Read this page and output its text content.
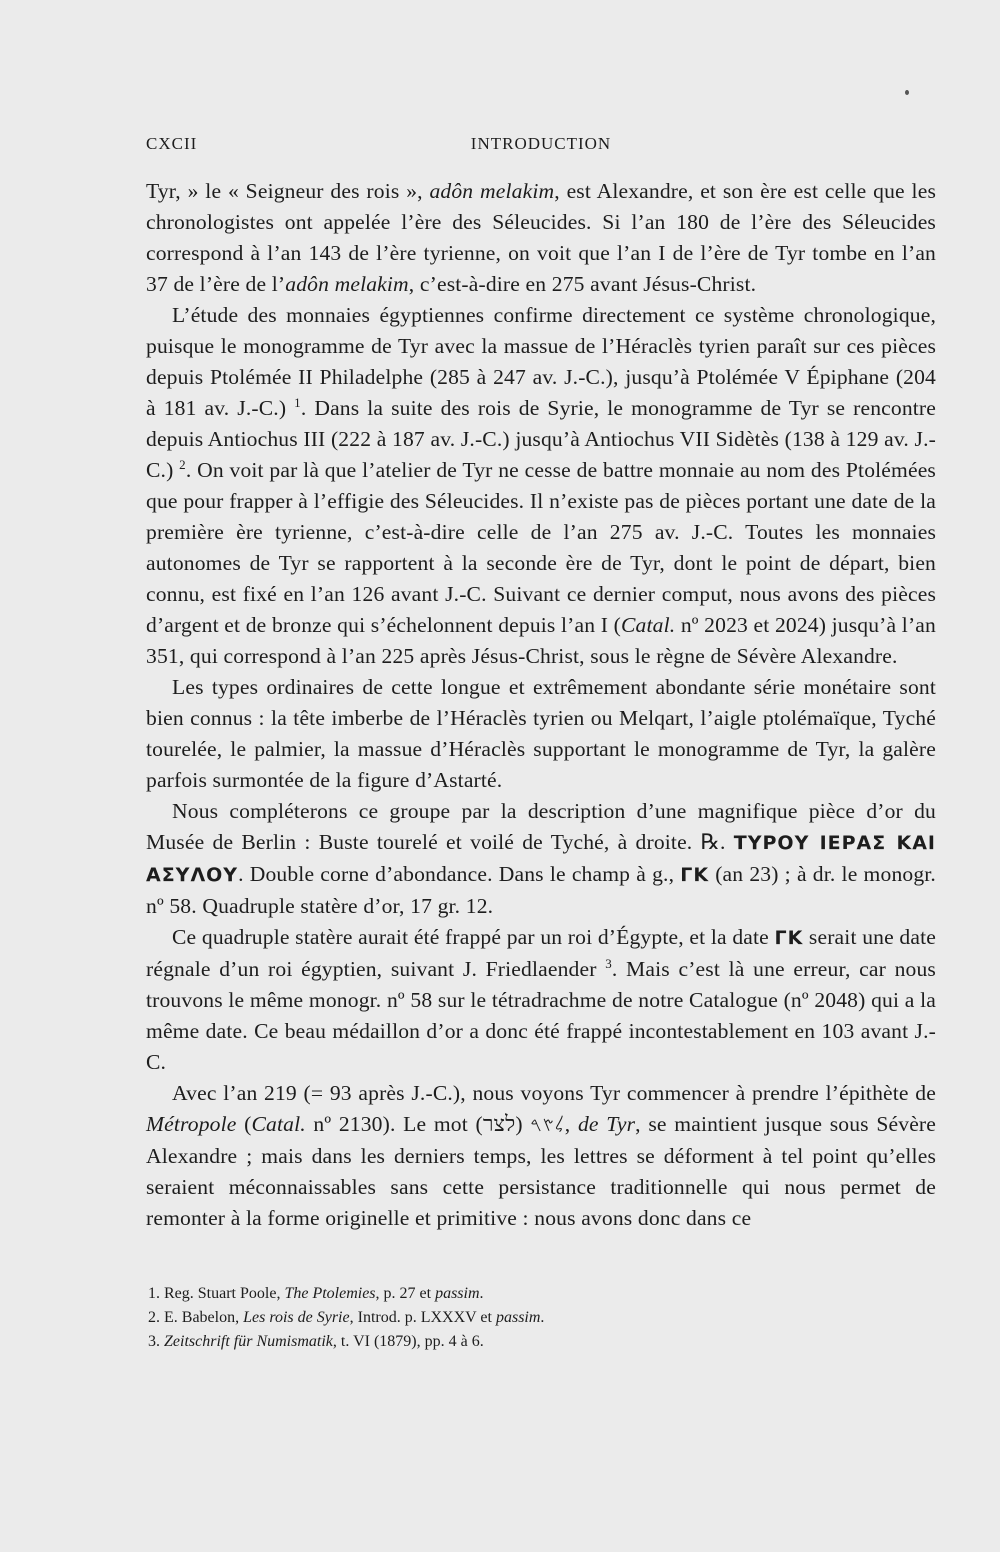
CXCII	INTRODUCTION

Tyr, » le « Seigneur des rois », adôn melakim, est Alexandre, et son ère est celle que les chronologistes ont appelée l’ère des Séleucides. Si l’an 180 de l’ère des Séleucides correspond à l’an 143 de l’ère tyrienne, on voit que l’an I de l’ère de Tyr tombe en l’an 37 de l’ère de l’adôn melakim, c’est-à-dire en 275 avant Jésus-Christ.

L’étude des monnaies égyptiennes confirme directement ce système chronologique, puisque le monogramme de Tyr avec la massue de l’Héraclès tyrien paraît sur ces pièces depuis Ptolémée II Philadelphe (285 à 247 av. J.-C.), jusqu’à Ptolémée V Épiphane (204 à 181 av. J.-C.) $^1$. Dans la suite des rois de Syrie, le monogramme de Tyr se rencontre depuis Antiochus III (222 à 187 av. J.-C.) jusqu’à Antiochus VII Sidètès (138 à 129 av. J.-C.) $^2$. On voit par là que l’atelier de Tyr ne cesse de battre monnaie au nom des Ptolémées que pour frapper à l’effigie des Séleucides. Il n’existe pas de pièces portant une date de la première ère tyrienne, c’est-à-dire celle de l’an 275 av. J.-C. Toutes les monnaies autonomes de Tyr se rapportent à la seconde ère de Tyr, dont le point de départ, bien connu, est fixé en l’an 126 avant J.-C. Suivant ce dernier comput, nous avons des pièces d’argent et de bronze qui s’échelonnent depuis l’an I (Catal. nº 2023 et 2024) jusqu’à l’an 351, qui correspond à l’an 225 après Jésus-Christ, sous le règne de Sévère Alexandre.

Les types ordinaires de cette longue et extrêmement abondante série monétaire sont bien connus : la tête imberbe de l’Héraclès tyrien ou Melqart, l’aigle ptolémaïque, Tyché tourelée, le palmier, la massue d’Héraclès supportant le monogramme de Tyr, la galère parfois surmontée de la figure d’Astarté.

Nous compléterons ce groupe par la description d’une magnifique pièce d’or du Musée de Berlin : Buste tourelé et voilé de Tyché, à droite. ℞. ΤΥΡΟΥ ΙΕΡΑΣ ΚΑΙ ΑΣΥΛΟΥ. Double corne d’abondance. Dans le champ à g., ΓΚ (an 23) ; à dr. le monogr. nº 58. Quadruple statère d’or, 17 gr. 12.

Ce quadruple statère aurait été frappé par un roi d’Égypte, et la date ΓΚ serait une date régnale d’un roi égyptien, suivant J. Friedlaender $^3$. Mais c’est là une erreur, car nous trouvons le même monogr. nº 58 sur le tétradrachme de notre Catalogue (nº 2048) qui a la même date. Ce beau médaillon d’or a donc été frappé incontestablement en 103 avant J.-C.

Avec l’an 219 (= 93 après J.-C.), nous voyons Tyr commencer à prendre l’épithète de Métropole (Catal. nº 2130). Le mot	𐤋𐤑𐤓 (לצר), de Tyr, se maintient jusque sous Sévère Alexandre ; mais dans les derniers temps, les lettres se déforment à tel point qu’elles seraient méconnaissables sans cette persistance traditionnelle qui nous permet de remonter à la forme originelle et primitive : nous avons donc dans ce

1. Reg. Stuart Poole, The Ptolemies, p. 27 et passim.

2. E. Babelon, Les rois de Syrie, Introd. p. LXXXV et passim.

3. Zeitschrift für Numismatik, t. VI (1879), pp. 4 à 6.
